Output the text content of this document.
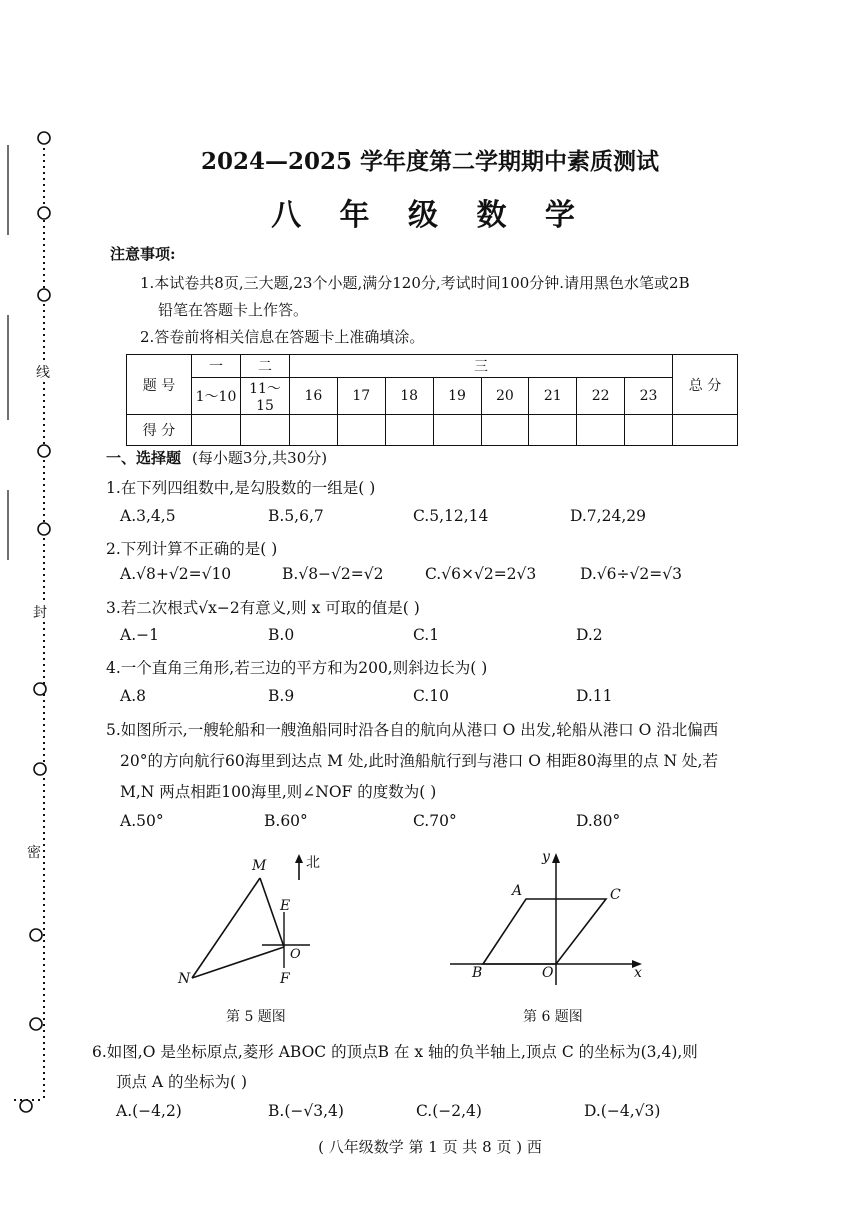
线
封
密
2024—2025 学年度第二学期期中素质测试
八 年 级 数 学
注意事项:
1.本试卷共8页,三大题,23个小题,满分120分,考试时间100分钟.请用黑色水笔或2B
铅笔在答题卡上作答。
2.答卷前将相关信息在答题卡上准确填涂。
题 号	一	二	三								总 分
	1～10	11～15	16	17	18	19	20	21	22	23	
得 分											
一、选择题 (每小题3分,共30分)
1.在下列四组数中,是勾股数的一组是( )
A.3,4,5	B.5,6,7	C.5,12,14	D.7,24,29
2.下列计算不正确的是( )
A.√8+√2=√10	B.√8−√2=√2	C.√6×√2=2√3	D.√6÷√2=√3
3.若二次根式√x−2有意义,则 x 可取的值是( )
A.−1	B.0	C.1	D.2
4.一个直角三角形,若三边的平方和为200,则斜边长为( )
A.8	B.9	C.10	D.11
5.如图所示,一艘轮船和一艘渔船同时沿各自的航向从港口 O 出发,轮船从港口 O 沿北偏西
20°的方向航行60海里到达点 M 处,此时渔船航行到与港口 O 相距80海里的点 N 处,若
M,N 两点相距100海里,则∠NOF 的度数为( )
A.50°	B.60°	C.70°	D.80°
北
M
E
O
N	F
第 5 题图
y
A	C
B	O	x
第 6 题图
6.如图,O 是坐标原点,菱形 ABOC 的顶点B 在 x 轴的负半轴上,顶点 C 的坐标为(3,4),则
顶点 A 的坐标为( )
A.(−4,2)	B.(−√3,4)	C.(−2,4)	D.(−4,√3)
( 八年级数学 第 1 页 共 8 页 ) 西
